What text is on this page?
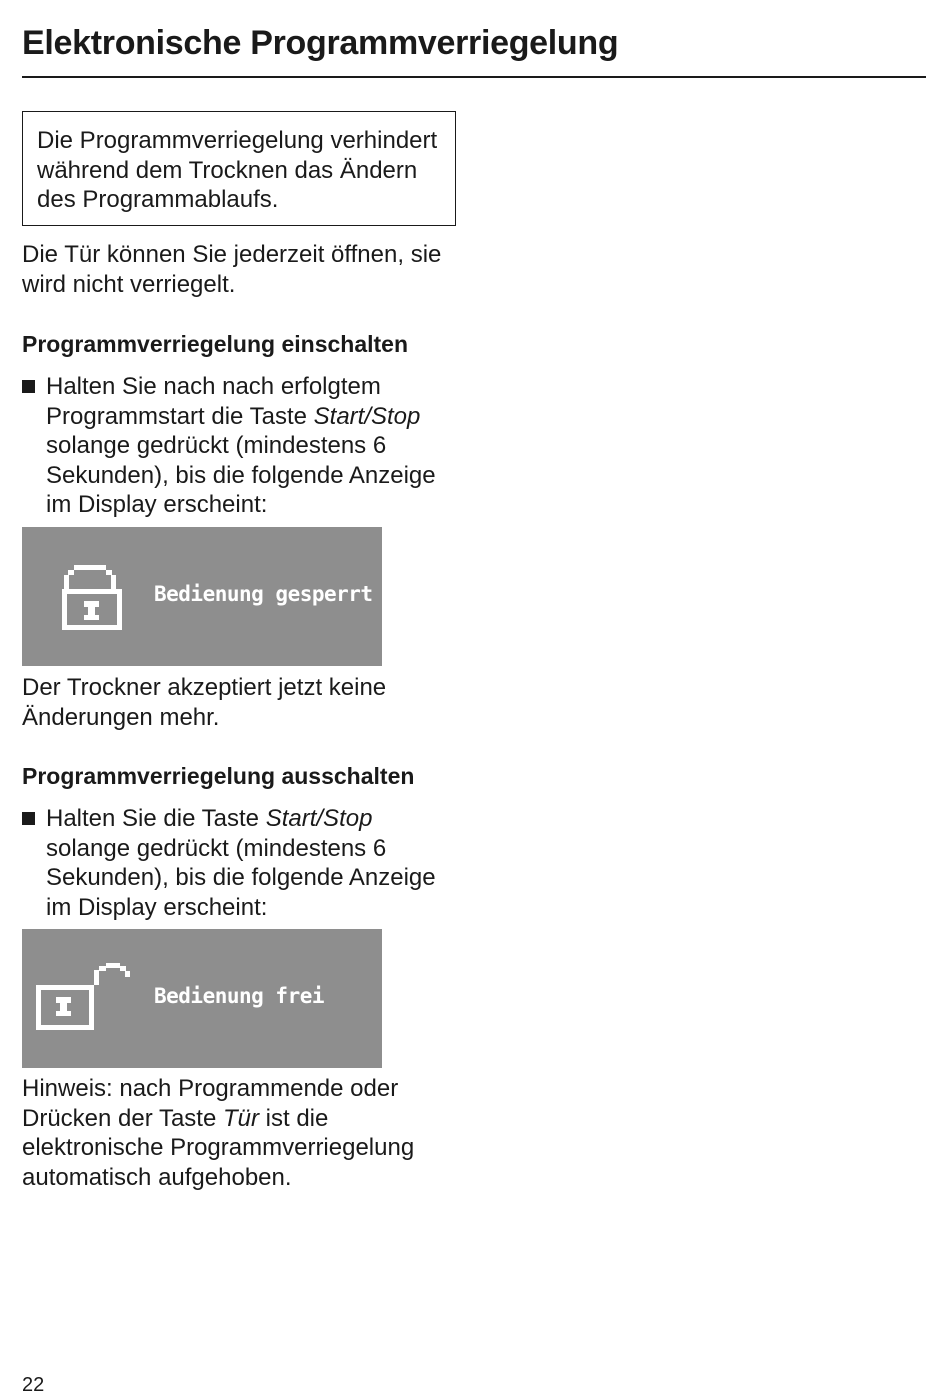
Elektronische Programmverriegelung

Die Programmverriegelung verhindert während dem Trocknen das Ändern des Programmablaufs.

Die Tür können Sie jederzeit öffnen, sie wird nicht verriegelt.

Programmverriegelung einschalten

Halten Sie nach nach erfolgtem Programmstart die Taste Start/Stop solange gedrückt (mindestens 6 Sekunden), bis die folgende Anzeige im Display erscheint:

Bedienung gesperrt

Der Trockner akzeptiert jetzt keine Änderungen mehr.

Programmverriegelung ausschalten

Halten Sie die Taste Start/Stop solange gedrückt (mindestens 6 Sekunden), bis die folgende Anzeige im Display erscheint:

Bedienung frei

Hinweis: nach Programmende oder Drücken der Taste Tür ist die elektronische Programmverriegelung automatisch aufgehoben.

22
